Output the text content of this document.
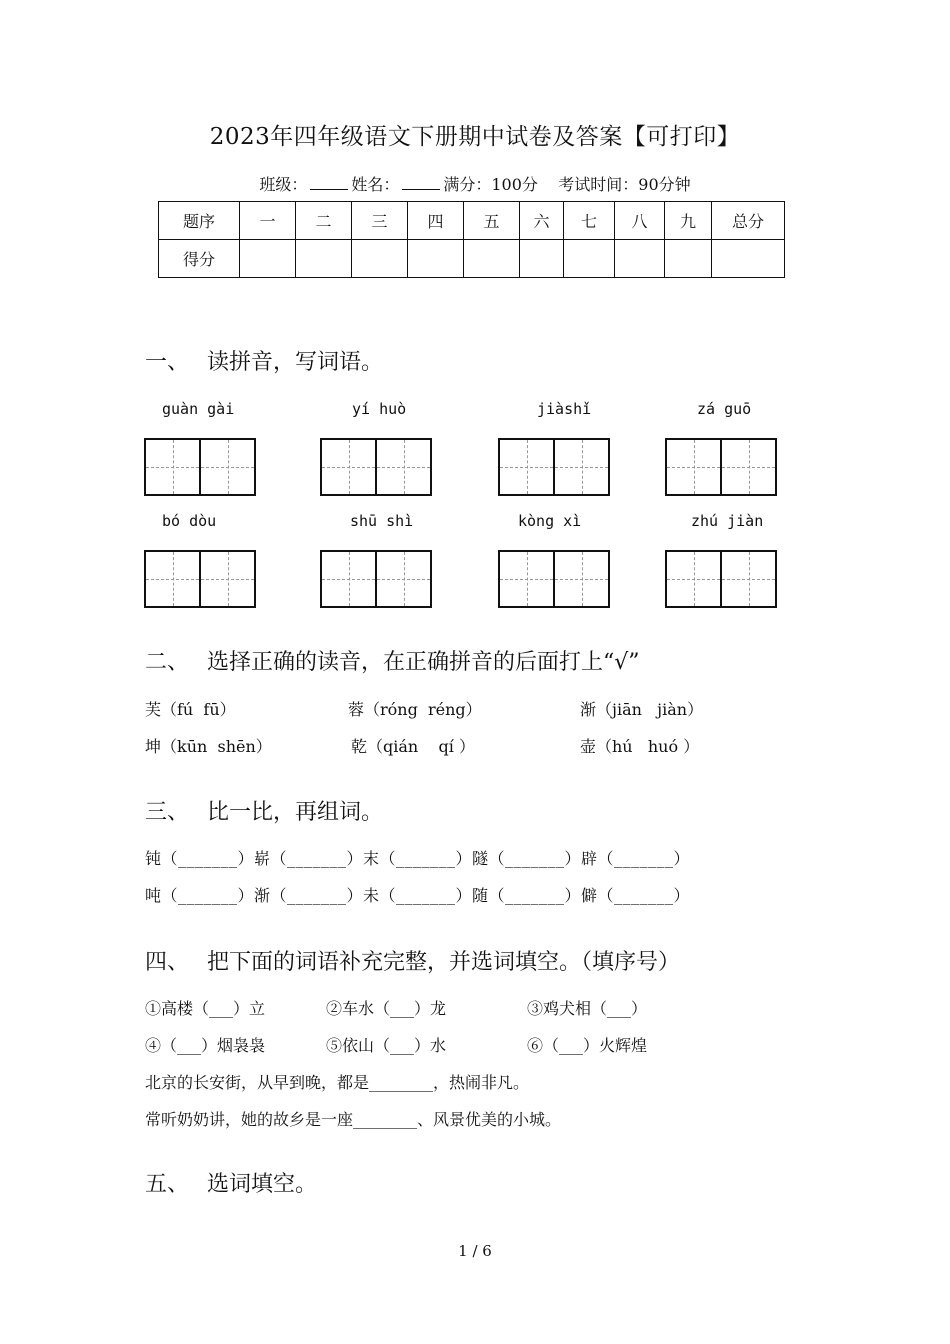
2023年四年级语文下册期中试卷及答案【可打印】
班级：	姓名：	满分：100分 考试时间：90分钟
题序	一	二	三	四	五	六	七	八	九	总分
得分										
一、 读拼音，写词语。
guàn gài	yí huò	jiàshǐ	zá guō
bó dòu	shū shì	kòng xì	zhú jiàn
二、 选择正确的读音，在正确拼音的后面打上“√”
芙（fú  fū）	蓉（róng  réng）	渐（jiān   jiàn）
坤（kūn  shēn）	乾（qián    qí ）	壶（hú   huó ）
三、 比一比，再组词。
钝（_______）崭（_______）末（_______）隧（_______）辟（_______）
吨（_______）渐（_______）未（_______）随（_______）僻（_______）
四、 把下面的词语补充完整，并选词填空。（填序号）
①高楼（___）立	②车水（___）龙	③鸡犬相（___）
④（___）烟袅袅	⑤依山（___）水	⑥（___）火辉煌
北京的长安街，从早到晚，都是________，热闹非凡。
常听奶奶讲，她的故乡是一座________、风景优美的小城。
五、 选词填空。
1 / 6
